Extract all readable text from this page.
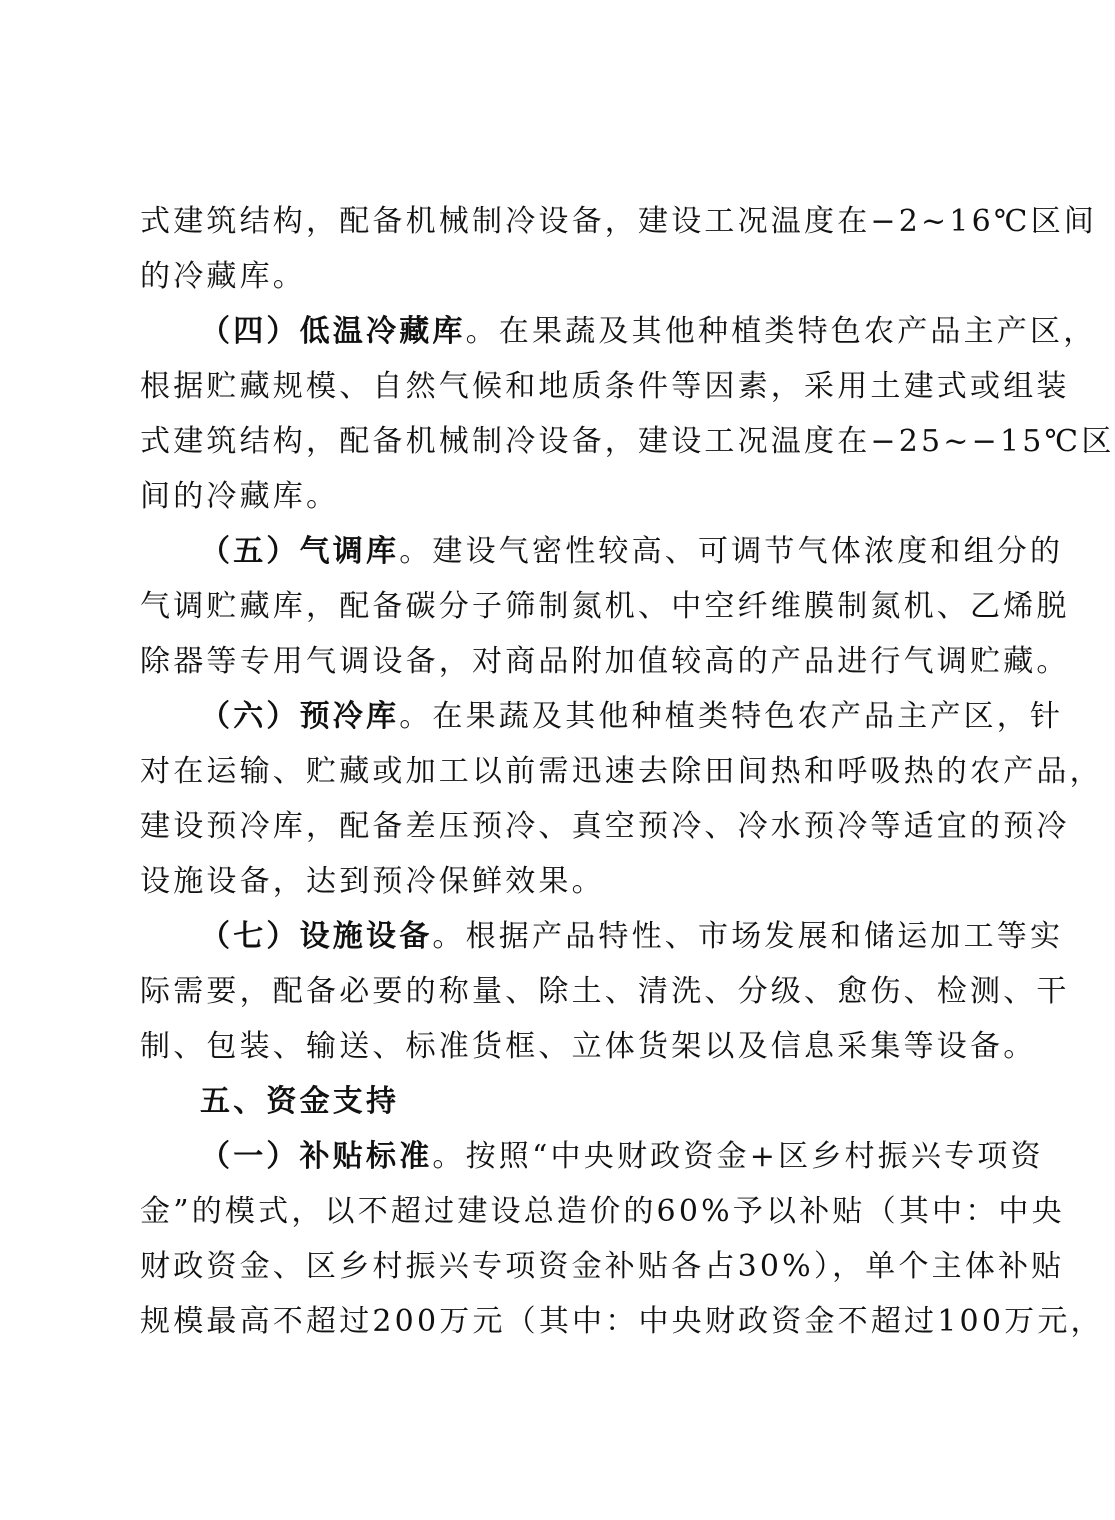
式建筑结构，配备机械制冷设备，建设工况温度在−2~16℃区间
的冷藏库。
（四）低温冷藏库。在果蔬及其他种植类特色农产品主产区，
根据贮藏规模、自然气候和地质条件等因素，采用土建式或组装
式建筑结构，配备机械制冷设备，建设工况温度在−25~−15℃区
间的冷藏库。
（五）气调库。建设气密性较高、可调节气体浓度和组分的
气调贮藏库，配备碳分子筛制氮机、中空纤维膜制氮机、乙烯脱
除器等专用气调设备，对商品附加值较高的产品进行气调贮藏。
（六）预冷库。在果蔬及其他种植类特色农产品主产区，针
对在运输、贮藏或加工以前需迅速去除田间热和呼吸热的农产品，
建设预冷库，配备差压预冷、真空预冷、冷水预冷等适宜的预冷
设施设备，达到预冷保鲜效果。
（七）设施设备。根据产品特性、市场发展和储运加工等实
际需要，配备必要的称量、除土、清洗、分级、愈伤、检测、干
制、包装、输送、标准货框、立体货架以及信息采集等设备。
五、资金支持
（一）补贴标准。按照“中央财政资金+区乡村振兴专项资
金”的模式，以不超过建设总造价的60%予以补贴（其中：中央
财政资金、区乡村振兴专项资金补贴各占30%），单个主体补贴
规模最高不超过200万元（其中：中央财政资金不超过100万元，
